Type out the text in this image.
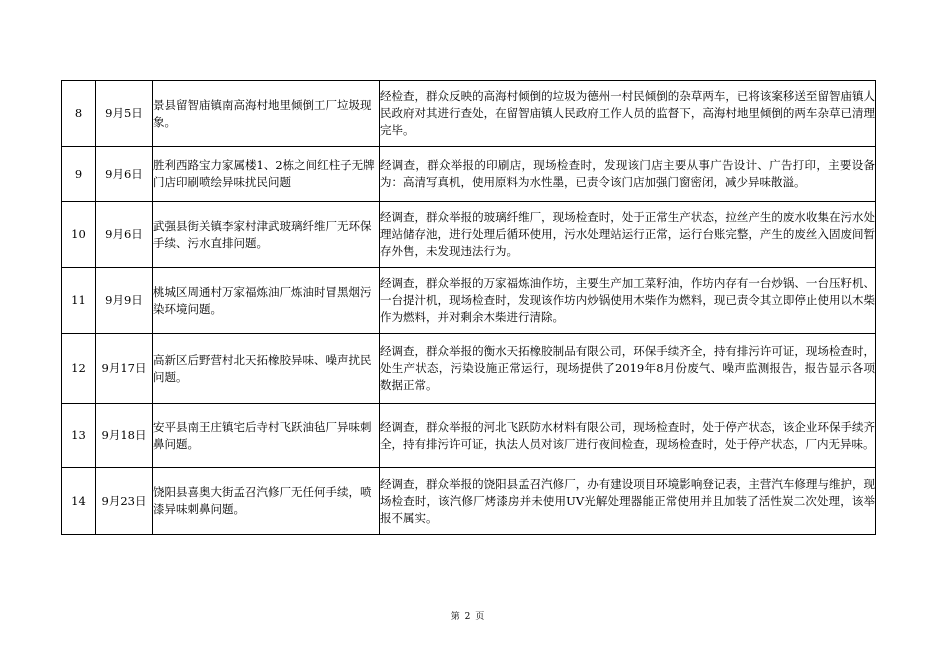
8	9月5日	景县留智庙镇南高海村地里倾倒工厂垃圾现象。	经检查，群众反映的高海村倾倒的垃圾为德州一村民倾倒的杂草两车，已将该案移送至留智庙镇人民政府对其进行查处，在留智庙镇人民政府工作人员的监督下，高海村地里倾倒的两车杂草已清理完毕。
9	9月6日	胜利西路宝力家属楼1、2栋之间红柱子无牌门店印刷喷绘异味扰民问题	经调查，群众举报的印刷店，现场检查时，发现该门店主要从事广告设计、广告打印，主要设备为：高清写真机，使用原料为水性墨，已责令该门店加强门窗密闭，减少异味散溢。
10	9月6日	武强县街关镇李家村津武玻璃纤维厂无环保手续、污水直排问题。	经调查，群众举报的玻璃纤维厂，现场检查时，处于正常生产状态，拉丝产生的废水收集在污水处理站储存池，进行处理后循环使用，污水处理站运行正常，运行台账完整，产生的废丝入固废间暂存外售，未发现违法行为。
11	9月9日	桃城区周通村万家福炼油厂炼油时冒黑烟污染环境问题。	经调查，群众举报的万家福炼油作坊，主要生产加工菜籽油，作坊内存有一台炒锅、一台压籽机、一台提汁机，现场检查时，发现该作坊内炒锅使用木柴作为燃料，现已责令其立即停止使用以木柴作为燃料，并对剩余木柴进行清除。
12	9月17日	高新区后野营村北天拓橡胶异味、噪声扰民问题。	经调查，群众举报的衡水天拓橡胶制品有限公司，环保手续齐全，持有排污许可证，现场检查时，处生产状态，污染设施正常运行，现场提供了2019年8月份废气、噪声监测报告，报告显示各项数据正常。
13	9月18日	安平县南王庄镇宅后寺村飞跃油毡厂异味刺鼻问题。	经调查，群众举报的河北飞跃防水材料有限公司，现场检查时，处于停产状态，该企业环保手续齐全，持有排污许可证，执法人员对该厂进行夜间检查，现场检查时，处于停产状态，厂内无异味。
14	9月23日	饶阳县喜奥大街孟召汽修厂无任何手续，喷漆异味刺鼻问题。	经调查，群众举报的饶阳县孟召汽修厂，办有建设项目环境影响登记表，主营汽车修理与维护，现场检查时，该汽修厂烤漆房并未使用UV光解处理器能正常使用并且加装了活性炭二次处理，该举报不属实。
第 2 页
